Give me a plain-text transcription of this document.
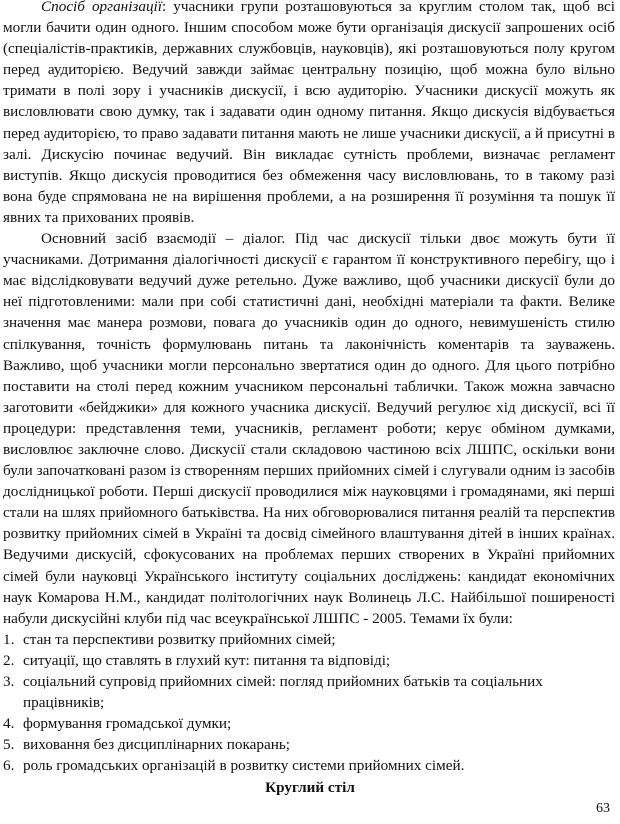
Спосіб організації: учасники групи розташовуються за круглим столом так, щоб всі могли бачити один одного. Іншим способом може бути організація дискусії запрошених осіб (спеціалістів-практиків, державних службовців, науковців), які розташовуються полу кругом перед аудиторією. Ведучий завжди займає центральну позицію, щоб можна було вільно тримати в полі зору і учасників дискусії, і всю аудиторію. Учасники дискусії можуть як висловлювати свою думку, так і задавати один одному питання. Якщо дискусія відбувається перед аудиторією, то право задавати питання мають не лише учасники дискусії, а й присутні в залі. Дискусію починає ведучий. Він викладає сутність проблеми, визначає регламент виступів. Якщо дискусія проводитися без обмеження часу висловлювань, то в такому разі вона буде спрямована не на вирішення проблеми, а на розширення її розуміння та пошук її явних та прихованих проявів.

Основний засіб взаємодії – діалог. Під час дискусії тільки двоє можуть бути її учасниками. Дотримання діалогічності дискусії є гарантом її конструктивного перебігу, що і має відслідковувати ведучий дуже ретельно. Дуже важливо, щоб учасники дискусії були до неї підготовленими: мали при собі статистичні дані, необхідні матеріали та факти. Велике значення має манера розмови, повага до учасників один до одного, невимушеність стилю спілкування, точність формулювань питань та лаконічність коментарів та зауважень. Важливо, щоб учасники могли персонально звертатися один до одного. Для цього потрібно поставити на столі перед кожним учасником персональні таблички. Також можна завчасно заготовити «бейджики» для кожного учасника дискусії. Ведучий регулює хід дискусії, всі її процедури: представлення теми, учасників, регламент роботи; керує обміном думками, висловлює заключне слово. Дискусії стали складовою частиною всіх ЛШПС, оскільки вони були започатковані разом із створенням перших прийомних сімей і слугували одним із засобів дослідницької роботи. Перші дискусії проводилися між науковцями і громадянами, які перші стали на шлях прийомного батьківства. На них обговорювалися питання реалій та перспектив розвитку прийомних сімей в Україні та досвід сімейного влаштування дітей в інших країнах. Ведучими дискусій, сфокусованих на проблемах перших створених в Україні прийомних сімей були науковці Українського інституту соціальних досліджень: кандидат економічних наук Комарова Н.М., кандидат політологічних наук Волинець Л.С. Найбільшої поширеності набули дискусійні клуби під час всеукраїнської ЛШПС - 2005. Темами їх були:

1. стан та перспективи розвитку прийомних сімей;
2. ситуації, що ставлять в глухий кут: питання та відповіді;
3. соціальний супровід прийомних сімей: погляд прийомних батьків та соціальних працівників;
4. формування громадської думки;
5. виховання без дисциплінарних покарань;
6. роль громадських організацій в розвитку системи прийомних сімей.
Круглий стіл
63
